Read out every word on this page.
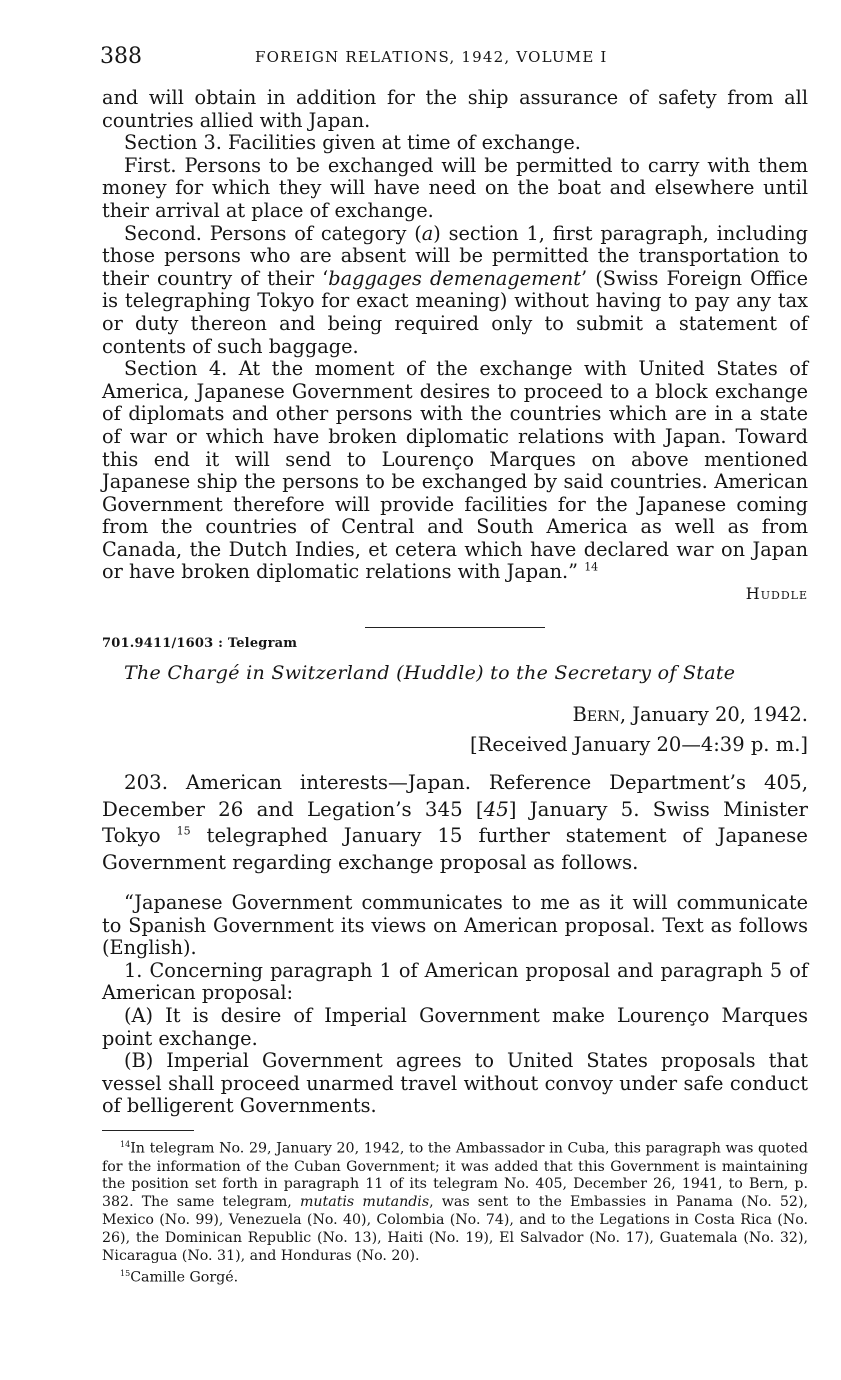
388	FOREIGN RELATIONS, 1942, VOLUME I

and will obtain in addition for the ship assurance of safety from all countries allied with Japan.

Section 3. Facilities given at time of exchange.

First. Persons to be exchanged will be permitted to carry with them money for which they will have need on the boat and elsewhere until their arrival at place of exchange.

Second. Persons of category (a) section 1, first paragraph, including those persons who are absent will be permitted the transportation to their country of their ‘baggages demenagement’ (Swiss Foreign Office is telegraphing Tokyo for exact meaning) without having to pay any tax or duty thereon and being required only to submit a statement of contents of such baggage.

Section 4. At the moment of the exchange with United States of America, Japanese Government desires to proceed to a block exchange of diplomats and other persons with the countries which are in a state of war or which have broken diplomatic relations with Japan. Toward this end it will send to Lourenço Marques on above mentioned Japanese ship the persons to be exchanged by said countries. American Government therefore will provide facilities for the Japanese coming from the countries of Central and South America as well as from Canada, the Dutch Indies, et cetera which have declared war on Japan or have broken diplomatic relations with Japan.” $^{14}$

Huddle

701.9411/1603 : Telegram

The Chargé in Switzerland (Huddle) to the Secretary of State

Bern, January 20, 1942.
[Received January 20—4:39 p. m.]

203. American interests—Japan. Reference Department’s 405, December 26 and Legation’s 345 [45] January 5. Swiss Minister Tokyo $^{15}$ telegraphed January 15 further statement of Japanese Government regarding exchange proposal as follows.

“Japanese Government communicates to me as it will communicate to Spanish Government its views on American proposal. Text as follows (English).

1. Concerning paragraph 1 of American proposal and paragraph 5 of American proposal:

(A) It is desire of Imperial Government make Lourenço Marques point exchange.

(B) Imperial Government agrees to United States proposals that vessel shall proceed unarmed travel without convoy under safe conduct of belligerent Governments.

$^{14}$In telegram No. 29, January 20, 1942, to the Ambassador in Cuba, this paragraph was quoted for the information of the Cuban Government; it was added that this Government is maintaining the position set forth in paragraph 11 of its telegram No. 405, December 26, 1941, to Bern, p. 382. The same telegram, mutatis mutandis, was sent to the Embassies in Panama (No. 52), Mexico (No. 99), Venezuela (No. 40), Colombia (No. 74), and to the Legations in Costa Rica (No. 26), the Dominican Republic (No. 13), Haiti (No. 19), El Salvador (No. 17), Guatemala (No. 32), Nicaragua (No. 31), and Honduras (No. 20).

$^{15}$Camille Gorgé.
